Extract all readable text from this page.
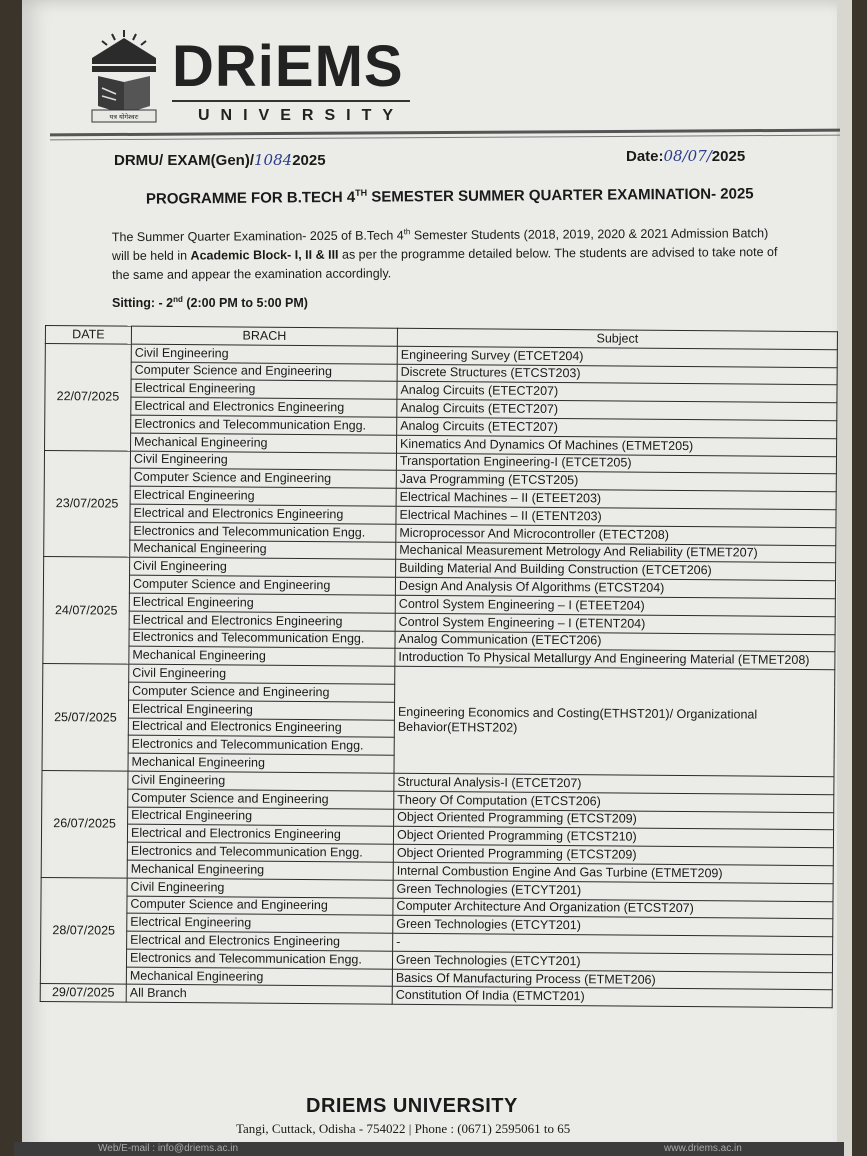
यत्र योगेश्वरः
DRiEMS
UNIVERSITY
DRMU/ EXAM(Gen)/10842025	Date:08/07/2025
PROGRAMME FOR B.TECH 4TH SEMESTER SUMMER QUARTER EXAMINATION- 2025
The Summer Quarter Examination- 2025 of B.Tech 4th Semester Students (2018, 2019, 2020 & 2021 Admission Batch) will be held in Academic Block- I, II & III as per the programme detailed below. The students are advised to take note of the same and appear the examination accordingly.
Sitting: - 2nd (2:00 PM to 5:00 PM)
DATE	BRACH	Subject
22/07/2025	Civil Engineering	Engineering Survey (ETCET204)
	Computer Science and Engineering	Discrete Structures (ETCST203)
	Electrical Engineering	Analog Circuits (ETECT207)
	Electrical and Electronics Engineering	Analog Circuits (ETECT207)
	Electronics and Telecommunication Engg.	Analog Circuits (ETECT207)
	Mechanical Engineering	Kinematics And Dynamics Of Machines (ETMET205)
23/07/2025	Civil Engineering	Transportation Engineering-I (ETCET205)
	Computer Science and Engineering	Java Programming (ETCST205)
	Electrical Engineering	Electrical Machines – II (ETEET203)
	Electrical and Electronics Engineering	Electrical Machines – II (ETENT203)
	Electronics and Telecommunication Engg.	Microprocessor And Microcontroller (ETECT208)
	Mechanical Engineering	Mechanical Measurement Metrology And Reliability (ETMET207)
24/07/2025	Civil Engineering	Building Material And Building Construction (ETCET206)
	Computer Science and Engineering	Design And Analysis Of Algorithms (ETCST204)
	Electrical Engineering	Control System Engineering – I (ETEET204)
	Electrical and Electronics Engineering	Control System Engineering – I (ETENT204)
	Electronics and Telecommunication Engg.	Analog Communication (ETECT206)
	Mechanical Engineering	Introduction To Physical Metallurgy And Engineering Material (ETMET208)
25/07/2025	Civil Engineering	Engineering Economics and Costing(ETHST201)/ Organizational Behavior(ETHST202)
	Computer Science and Engineering	
	Electrical Engineering	
	Electrical and Electronics Engineering	
	Electronics and Telecommunication Engg.	
	Mechanical Engineering	
26/07/2025	Civil Engineering	Structural Analysis-I (ETCET207)
	Computer Science and Engineering	Theory Of Computation (ETCST206)
	Electrical Engineering	Object Oriented Programming (ETCST209)
	Electrical and Electronics Engineering	Object Oriented Programming (ETCST210)
	Electronics and Telecommunication Engg.	Object Oriented Programming (ETCST209)
	Mechanical Engineering	Internal Combustion Engine And Gas Turbine (ETMET209)
28/07/2025	Civil Engineering	Green Technologies (ETCYT201)
	Computer Science and Engineering	Computer Architecture And Organization (ETCST207)
	Electrical Engineering	Green Technologies (ETCYT201)
	Electrical and Electronics Engineering	-
	Electronics and Telecommunication Engg.	Green Technologies (ETCYT201)
	Mechanical Engineering	Basics Of Manufacturing Process (ETMET206)
29/07/2025	All Branch	Constitution Of India (ETMCT201)
DRIEMS UNIVERSITY
Tangi, Cuttack, Odisha - 754022 | Phone : (0671) 2595061 to 65
Web/E-mail : info@driems.ac.in	www.driems.ac.in
